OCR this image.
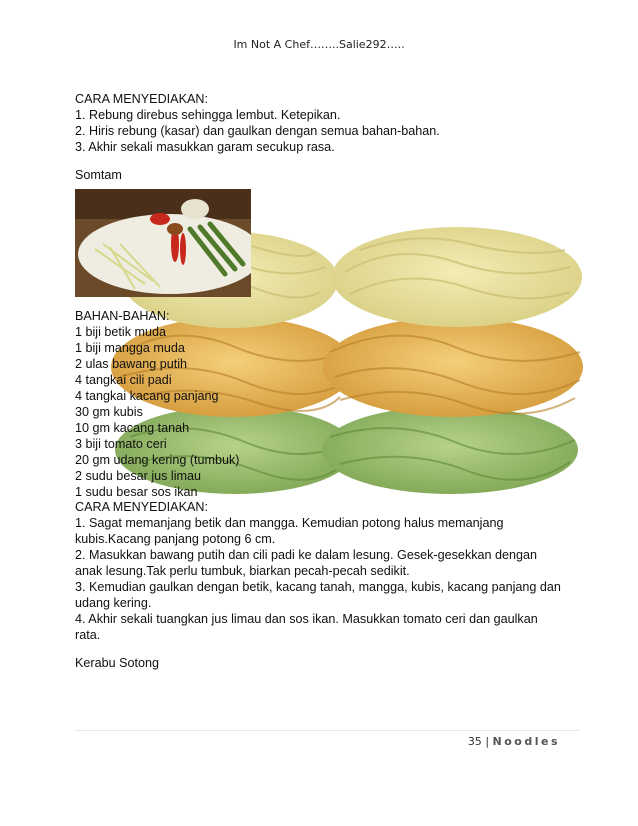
Im Not A Chef……..Salie292…..

CARA MENYEDIAKAN:

1. Rebung direbus sehingga lembut. Ketepikan.

2. Hiris rebung (kasar) dan gaulkan dengan semua bahan-bahan.

3. Akhir sekali masukkan garam secukup rasa.

Somtam

BAHAN-BAHAN:

1 biji betik muda

1 biji mangga muda

2 ulas bawang putih

4 tangkai cili padi

4 tangkai kacang panjang

30 gm kubis

10 gm kacang tanah

3 biji tomato ceri

20 gm udang kering (tumbuk)

2 sudu besar jus limau

1 sudu besar sos ikan

CARA MENYEDIAKAN:

1. Sagat memanjang betik dan mangga. Kemudian potong halus memanjang

kubis.Kacang panjang potong 6 cm.

2. Masukkan bawang putih dan cili padi ke dalam lesung. Gesek-gesekkan dengan

anak lesung.Tak perlu tumbuk, biarkan pecah-pecah sedikit.

3. Kemudian gaulkan dengan betik, kacang tanah, mangga, kubis, kacang panjang dan

udang kering.

4. Akhir sekali tuangkan jus limau dan sos ikan. Masukkan tomato ceri dan gaulkan

rata.

Kerabu Sotong
35 | Noodles
